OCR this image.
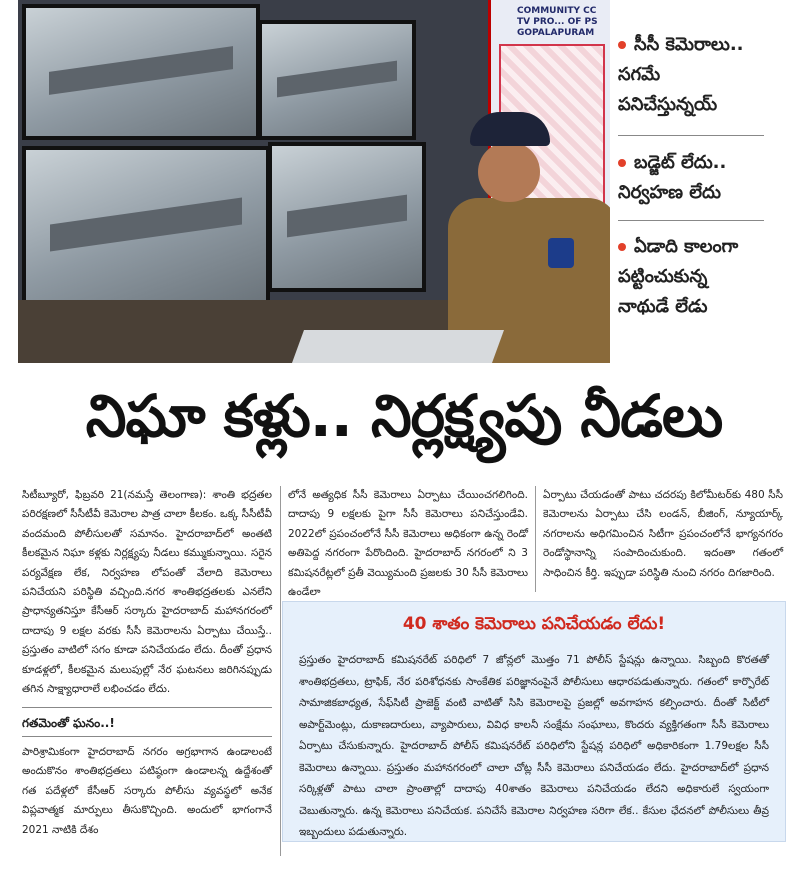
COMMUNITY CC TV PRO... OF PS GOPALAPURAM
సీసీ కెమెరాలు.. సగమే పనిచేస్తున్నయ్
బడ్జెట్ లేదు.. నిర్వహణ లేదు
ఏడాది కాలంగా పట్టించుకున్న నాథుడే లేడు
నిఘా కళ్లు.. నిర్లక్ష్యపు నీడలు

సిటీబ్యూరో, ఫిబ్రవరి 21(నమస్తే తెలంగాణ): శాంతి భద్రతల పరిరక్షణలో సీసీటీవీ కెమెరాల పాత్ర చాలా కీలకం. ఒక్క సీసీటీవీ వందమంది పోలీసులతో సమానం. హైదరాబాద్‌లో అంతటి కీలకమైన నిఘా కళ్లకు నిర్లక్ష్యపు నీడలు కమ్ముకున్నాయి. సరైన పర్యవేక్షణ లేక, నిర్వహణ లోపంతో వేలాది కెమెరాలు పనిచేయని పరిస్థితి వచ్చింది.నగర శాంతిభద్రతలకు ఎనలేని ప్రాధాన్యతనిస్తూ కేసీఆర్ సర్కారు హైదరాబాద్ మహానగరంలో దాదాపు 9 లక్షల వరకు సీసీ కెమెరాలను ఏర్పాటు చేయిస్తే.. ప్రస్తుతం వాటిలో సగం కూడా పనిచేయడం లేదు. దీంతో ప్రధాన కూడళ్లలో, కీలకమైన మలుపుల్లో నేర ఘటనలు జరిగినప్పుడు తగిన సాక్ష్యాధారాలే లభించడం లేదు.

గతమెంతో ఘనం..!

పారిశ్రామికంగా హైదరాబాద్ నగరం అగ్రభాగాన ఉండాలంటే అందుకొనం శాంతిభద్రతలు పటిష్ఠంగా ఉండాలన్న ఉద్దేశంతో గత పదేళ్లలో కేసీఆర్ సర్కారు పోలీసు వ్యవస్థలో అనేక విప్లవాత్మక మార్పులు తీసుకొచ్చింది. అందులో భాగంగానే 2021 నాటికి దేశం

లోనే అత్యధిక సీసీ కెమెరాలు ఏర్పాటు చేయించగలిగింది. దాదాపు 9 లక్షలకు పైగా సీసీ కెమెరాలు పనిచేస్తుండేవి. 2022లో ప్రపంచంలోనే సీసీ కెమెరాలు అధికంగా ఉన్న రెండో అతిపెద్ద నగరంగా పేరొందింది. హైదరాబాద్ నగరంలో ని 3 కమిషనరేట్లలో ప్రతీ వెయ్యిమంది ప్రజలకు 30 సీసీ కెమెరాలు ఉండేలా

ఏర్పాటు చేయడంతో పాటు చదరపు కిలోమీటర్‌కు 480 సీసీ కెమెరాలను ఏర్పాటు చేసి లండన్, బీజింగ్, న్యూయార్క్ నగరాలను అధిగమించిన సిటీగా ప్రపంచంలోనే భాగ్యనగరం రెండోస్థానాన్ని సంపాదించుకుంది. ఇదంతా గతంలో సాధించిన కీర్తి. ఇప్పుడా పరిస్థితి నుంచి నగరం దిగజారింది.

40 శాతం కెమెరాలు పనిచేయడం లేదు!
ప్రస్తుతం హైదరాబాద్ కమిషనరేట్ పరిధిలో 7 జోన్లలో మొత్తం 71 పోలీస్ స్టేషన్లు ఉన్నాయి. సిబ్బంది కొరతతో శాంతిభద్రతలు, ట్రాఫిక్, నేర పరిశోధనకు సాంకేతిక పరిజ్ఞానంపైనే పోలీసులు ఆధారపడుతున్నారు. గతంలో కార్పొరేట్ సామాజికబాధ్యత, సేఫ్‌సిటీ ప్రాజెక్ట్ వంటి వాటితో సిసి కెమెరాలపై ప్రజల్లో అవగాహన కల్పించారు. దీంతో సిటీలో అపార్ట్‌మెంట్లు, దుకాణదారులు, వ్యాపారులు, వివిధ కాలనీ సంక్షేమ సంఘాలు, కొందరు వ్యక్తిగతంగా సీసీ కెమెరాలు ఏర్పాటు చేసుకున్నారు. హైదరాబాద్ పోలీస్ కమిషనరేట్ పరిధిలోని స్టేషన్ల పరిధిలో అధికారికంగా 1.79లక్షల సీసీ కెమెరాలు ఉన్నాయి. ప్రస్తుతం మహానగరంలో చాలా చోట్ల సీసీ కెమెరాలు పనిచేయడం లేదు. హైదరాబాద్‌లో ప్రధాన సర్కిళ్లతో పాటు చాలా ప్రాంతాల్లో దాదాపు 40శాతం కెమెరాలు పనిచేయడం లేదని అధికారులే స్వయంగా చెబుతున్నారు. ఉన్న కెమెరాలు పనిచేయక. పనిచేసే కెమెరాల నిర్వహణ సరిగా లేక.. కేసుల ఛేదనలో పోలీసులు తీవ్ర ఇబ్బందులు పడుతున్నారు.
